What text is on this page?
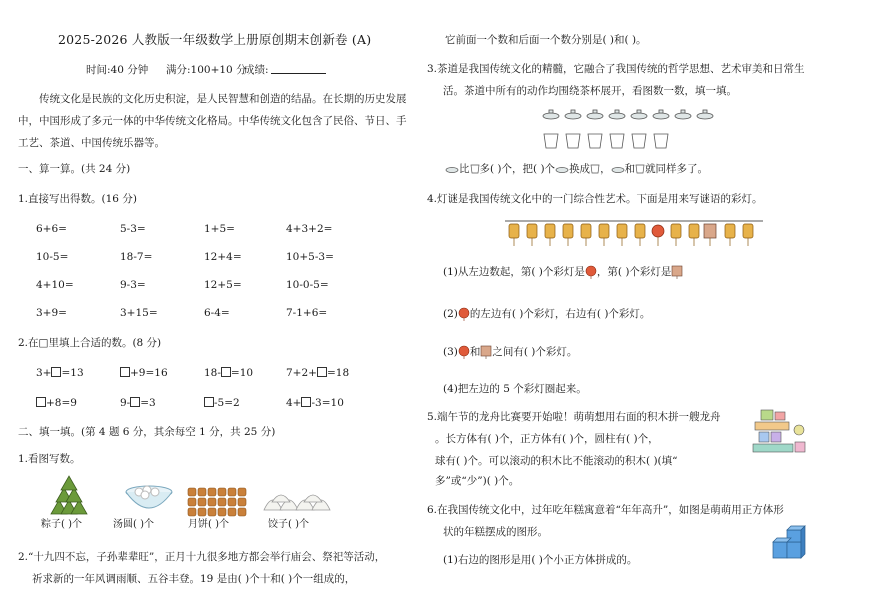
2025-2026 人教版一年级数学上册原创期末创新卷 (A)
时间:40 分钟 满分:100+10 分
成绩:
传统文化是民族的文化历史积淀，是人民智慧和创造的结晶。在长期的历史发展中，中国形成了多元一体的中华传统文化格局。中华传统文化包含了民俗、节日、手工艺、茶道、中国传统乐器等。
一、算一算。(共 24 分)
1.直接写出得数。(16 分)
6+6=	5-3=	1+5=	4+3+2=
10-5=	18-7=	12+4=	10+5-3=
4+10=	9-3=	12+5=	10-0-5=
3+9=	3+15=	6-4=	7-1+6=
2.在□里填上合适的数。(8 分)
3+ =13	+9=16	18- =10	7+2+ =18
+8=9	9- =3	-5=2	4+ -3=10
二、填一填。(第 4 题 6 分，其余每空 1 分，共 25 分)
1.看图写数。
粽子( )个	汤圆( )个	月饼( )个	饺子( )个
2.“十九四不忘，子孙辈辈旺”，正月十九很多地方都会举行庙会、祭祀等活动，
祈求新的一年风调雨顺、五谷丰登。19 是由( )个十和( )个一组成的，
它前面一个数和后面一个数分别是( )和( )。
3.茶道是我国传统文化的精髓，它融合了我国传统的哲学思想、艺术审美和日常生
活。茶道中所有的动作均围绕茶杯展开，看图数一数，填一填。
比 多( )个，把( )个 换成 ， 和 就同样多了。
4.灯谜是我国传统文化中的一门综合性艺术。下面是用来写谜语的彩灯。
(1)从左边数起，第( )个彩灯是 ，第( )个彩灯是
(2) 的左边有( )个彩灯，右边有( )个彩灯。
(3) 和 之间有( )个彩灯。
(4)把左边的 5 个彩灯圈起来。
5.端午节的龙舟比赛要开始啦！萌萌想用右面的积木拼一艘龙舟
。长方体有( )个，正方体有( )个，圆柱有( )个，
球有( )个。可以滚动的积木比不能滚动的积木( )(填“
多”或“少”)( )个。
6.在我国传统文化中，过年吃年糕寓意着“年年高升”，如图是萌萌用正方体形
状的年糕摆成的图形。
(1)右边的图形是用( )个小正方体拼成的。
